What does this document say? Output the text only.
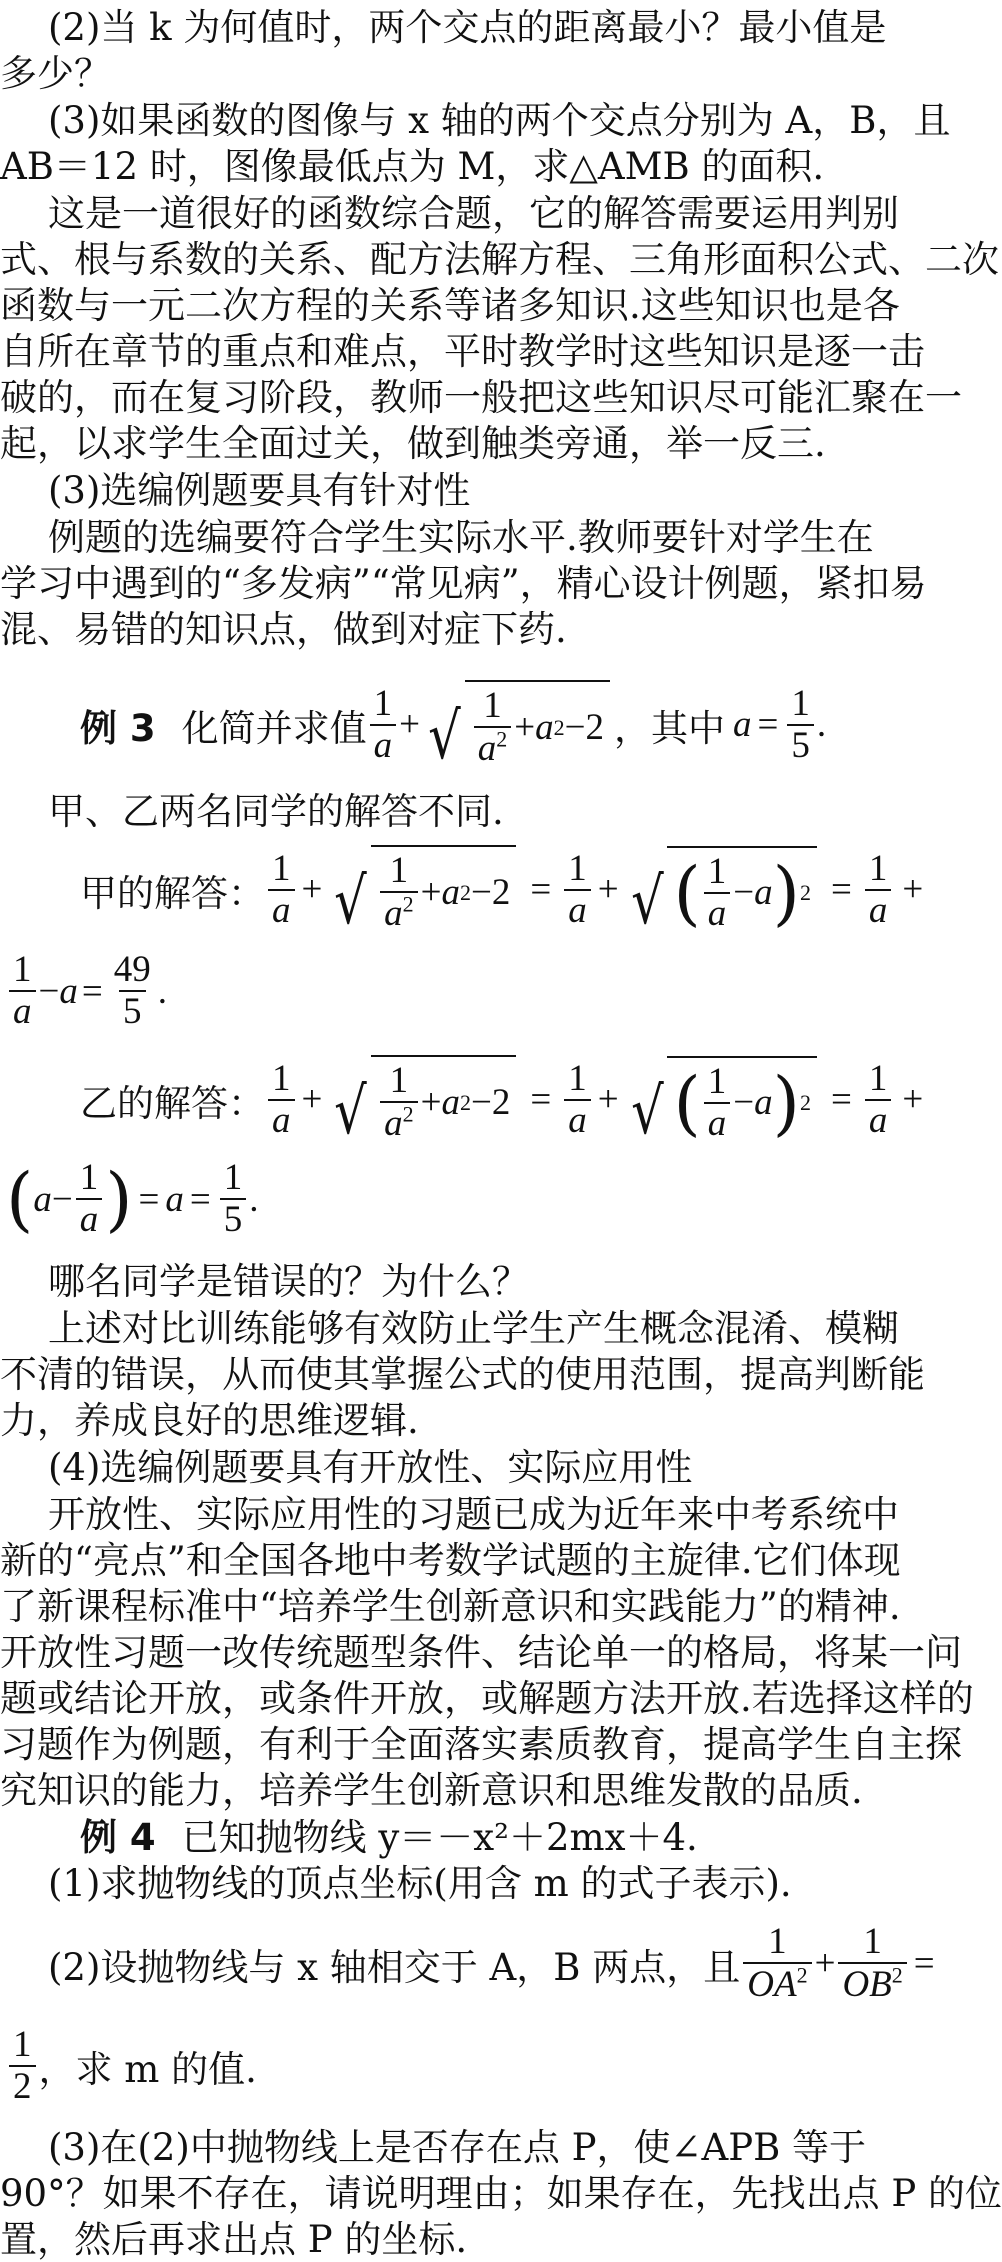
(2)当 k 为何值时，两个交点的距离最小？最小值是
多少？
(3)如果函数的图像与 x 轴的两个交点分别为 A，B，且
AB＝12 时，图像最低点为 M，求△AMB 的面积.
这是一道很好的函数综合题，它的解答需要运用判别
式、根与系数的关系、配方法解方程、三角形面积公式、二次
函数与一元二次方程的关系等诸多知识.这些知识也是各
自所在章节的重点和难点，平时教学时这些知识是逐一击
破的，而在复习阶段，教师一般把这些知识尽可能汇聚在一
起，以求学生全面过关，做到触类旁通，举一反三.
(3)选编例题要具有针对性
例题的选编要符合学生实际水平.教师要针对学生在
学习中遇到的“多发病”“常见病”，精心设计例题，紧扣易
混、易错的知识点，做到对症下药.
例 3 化简并求值 $\frac{1}{a}$ + √ $\frac{1}{a^2} + a$ 2 −2 ，其中 $a = \frac{1}{5}$ .
甲、乙两名同学的解答不同.
甲的解答： $\frac{1}{a}$ + √ $\frac{1}{a^2} + a$ $2 -2 = \frac{1}{a}$ + √ ( $\frac{1}{a} - a$ ) $2 = \frac{1}{a}$ +
$\frac{1}{a} - a = \frac{49}{5}$ .
乙的解答： $\frac{1}{a}$ + √ $\frac{1}{a^2} + a$ $2 -2 = \frac{1}{a}$ + √ ( $\frac{1}{a} - a$ ) $2 = \frac{1}{a}$ +
( $a - \frac{1}{a}$ ) = $a = \frac{1}{5}$ .
哪名同学是错误的？为什么？
上述对比训练能够有效防止学生产生概念混淆、模糊
不清的错误，从而使其掌握公式的使用范围，提高判断能
力，养成良好的思维逻辑.
(4)选编例题要具有开放性、实际应用性
开放性、实际应用性的习题已成为近年来中考系统中
新的“亮点”和全国各地中考数学试题的主旋律.它们体现
了新课程标准中“培养学生创新意识和实践能力”的精神.
开放性习题一改传统题型条件、结论单一的格局，将某一问
题或结论开放，或条件开放，或解题方法开放.若选择这样的
习题作为例题，有利于全面落实素质教育，提高学生自主探
究知识的能力，培养学生创新意识和思维发散的品质.
例 4 已知抛物线 y＝－x²＋2mx＋4.
(1)求抛物线的顶点坐标(用含 m 的式子表示).
(2)设抛物线与 x 轴相交于 A，B 两点，且 $\frac{1}{OA^2} + \frac{1}{OB^2}$ =
$\frac{1}{2}$ ，求 m 的值.
(3)在(2)中抛物线上是否存在点 P，使∠APB 等于
90°？如果不存在，请说明理由；如果存在，先找出点 P 的位
置，然后再求出点 P 的坐标.
